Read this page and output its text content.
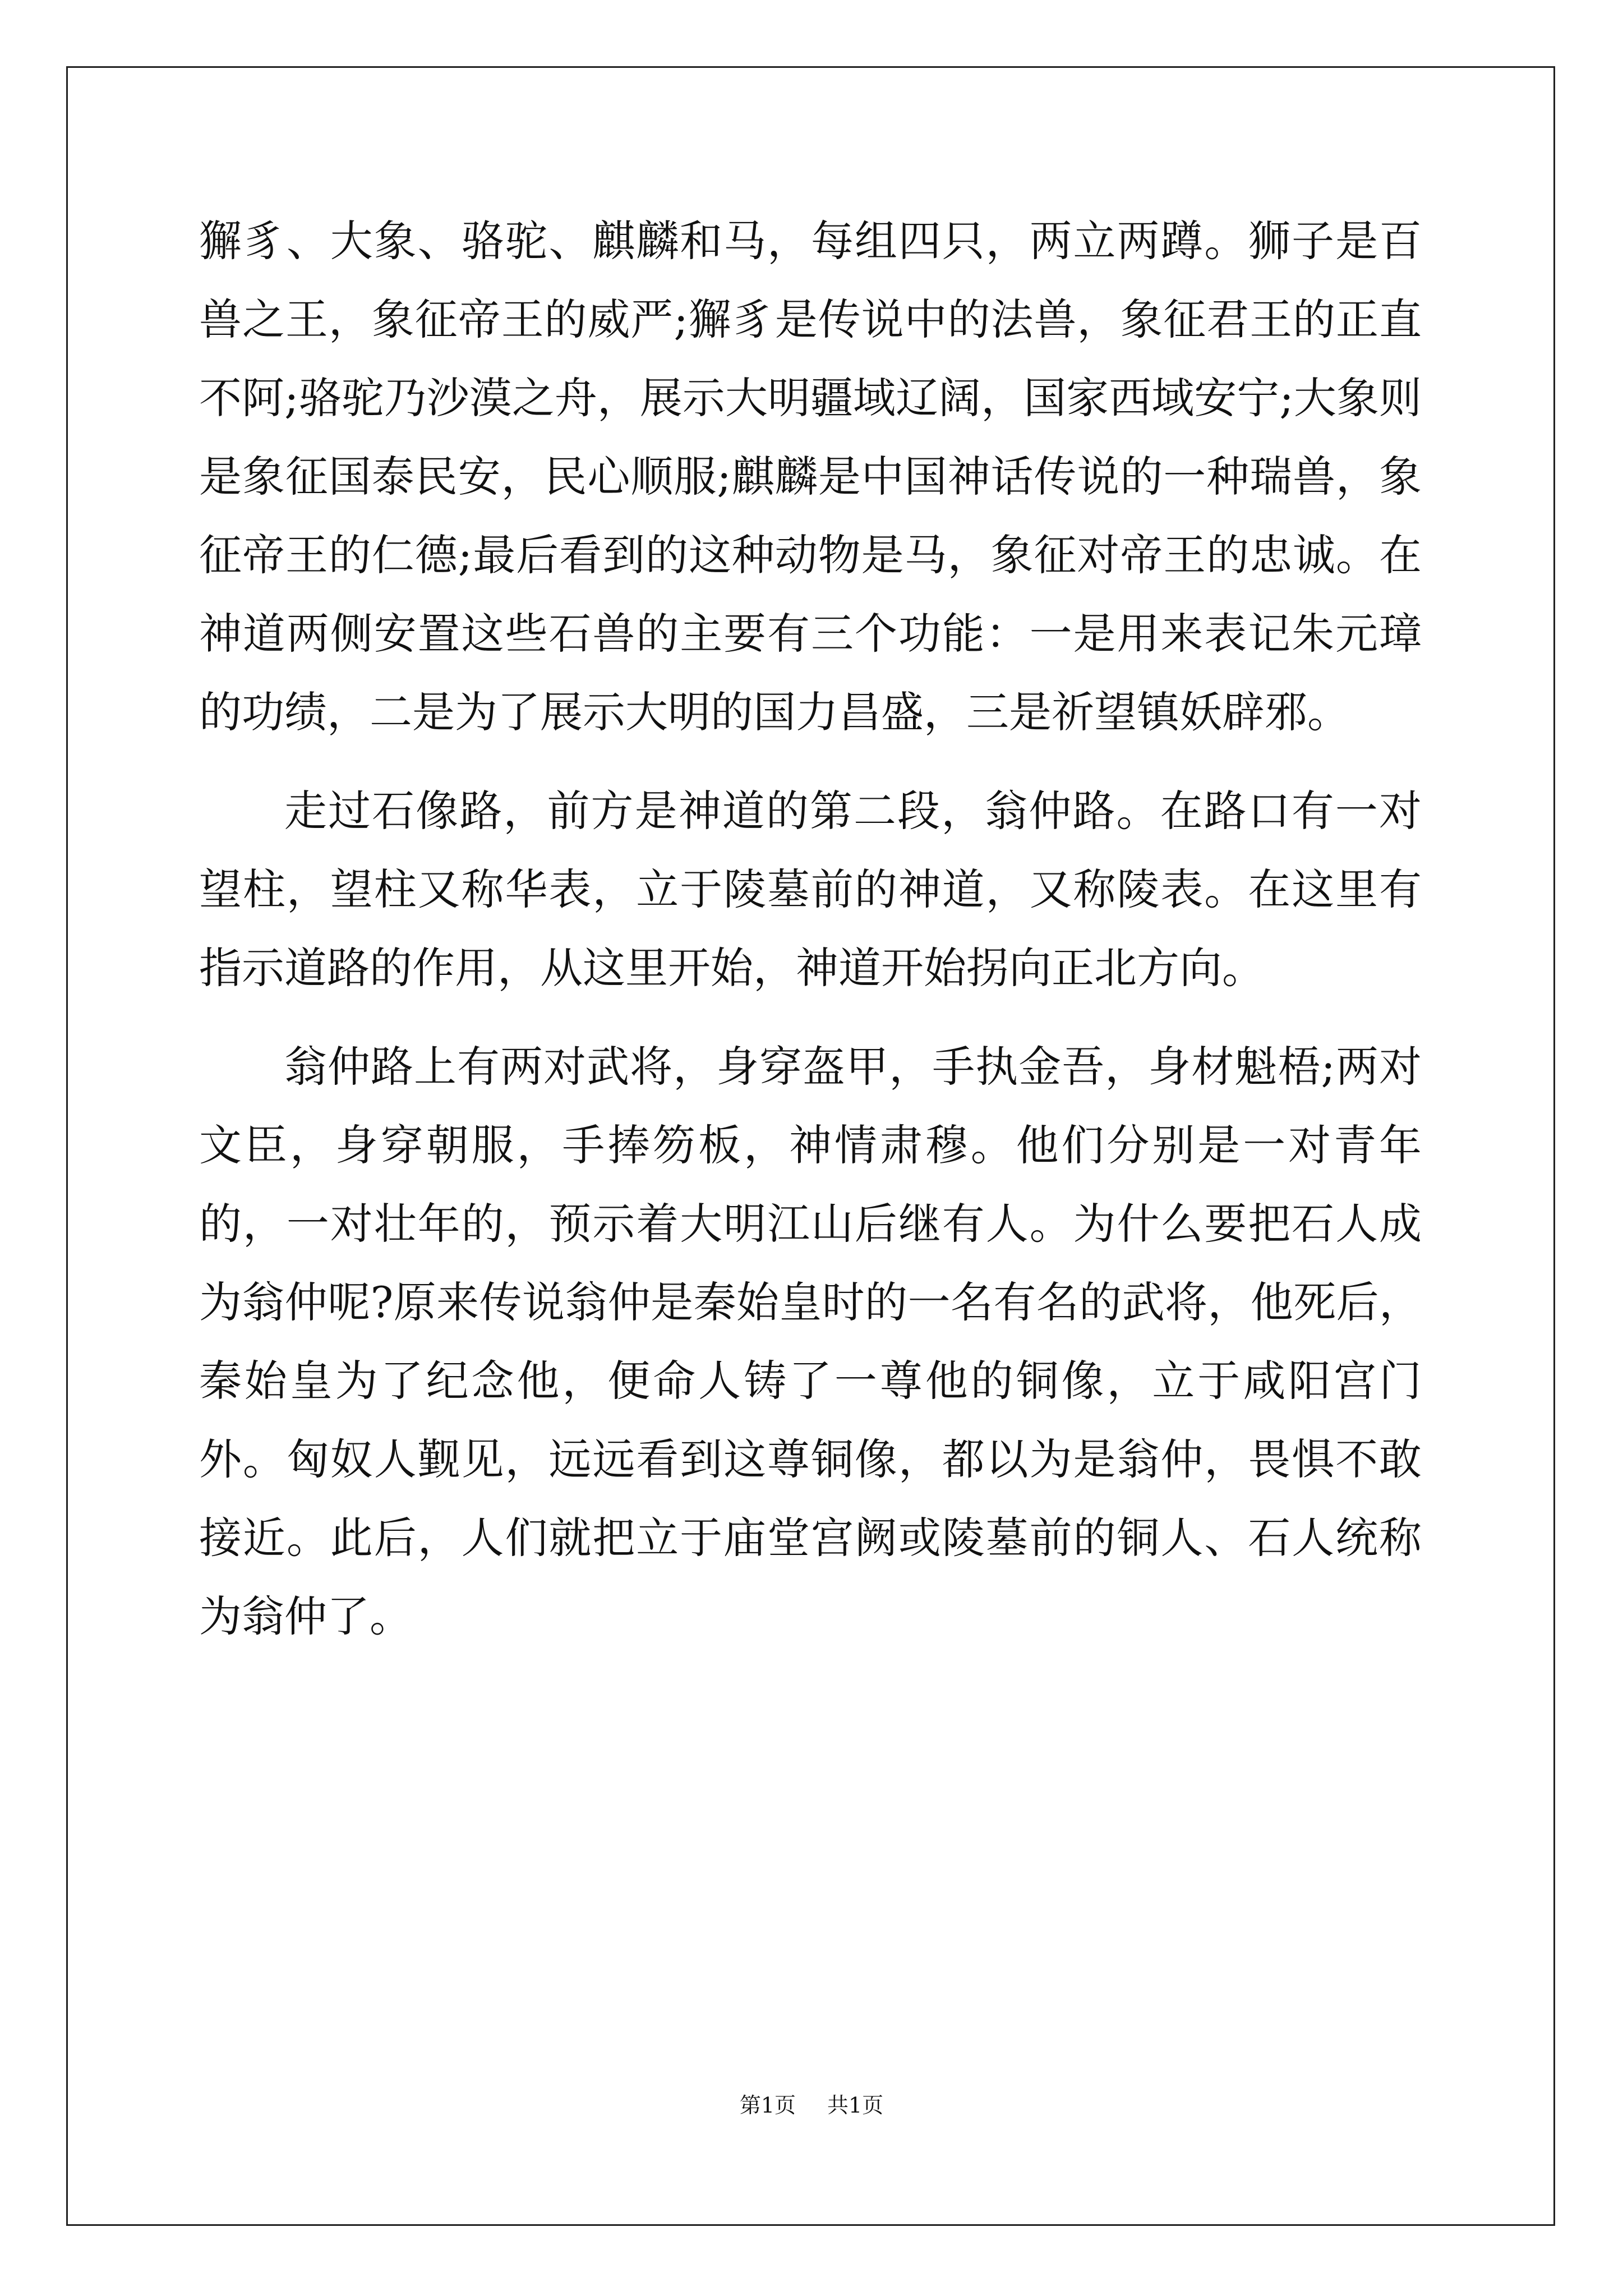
獬豸、大象、骆驼、麒麟和马，每组四只，两立两蹲。狮子是百兽之王，象征帝王的威严;獬豸是传说中的法兽，象征君王的正直不阿;骆驼乃沙漠之舟，展示大明疆域辽阔，国家西域安宁;大象则是象征国泰民安，民心顺服;麒麟是中国神话传说的一种瑞兽，象征帝王的仁德;最后看到的这种动物是马，象征对帝王的忠诚。在神道两侧安置这些石兽的主要有三个功能：一是用来表记朱元璋的功绩，二是为了展示大明的国力昌盛，三是祈望镇妖辟邪。

走过石像路，前方是神道的第二段，翁仲路。在路口有一对望柱，望柱又称华表，立于陵墓前的神道，又称陵表。在这里有指示道路的作用，从这里开始，神道开始拐向正北方向。

翁仲路上有两对武将，身穿盔甲，手执金吾，身材魁梧;两对文臣，身穿朝服，手捧笏板，神情肃穆。他们分别是一对青年的，一对壮年的，预示着大明江山后继有人。为什么要把石人成为翁仲呢?原来传说翁仲是秦始皇时的一名有名的武将，他死后，秦始皇为了纪念他，便命人铸了一尊他的铜像，立于咸阳宫门外。匈奴人觐见，远远看到这尊铜像，都以为是翁仲，畏惧不敢接近。此后，人们就把立于庙堂宫阙或陵墓前的铜人、石人统称为翁仲了。

第1页 共1页
